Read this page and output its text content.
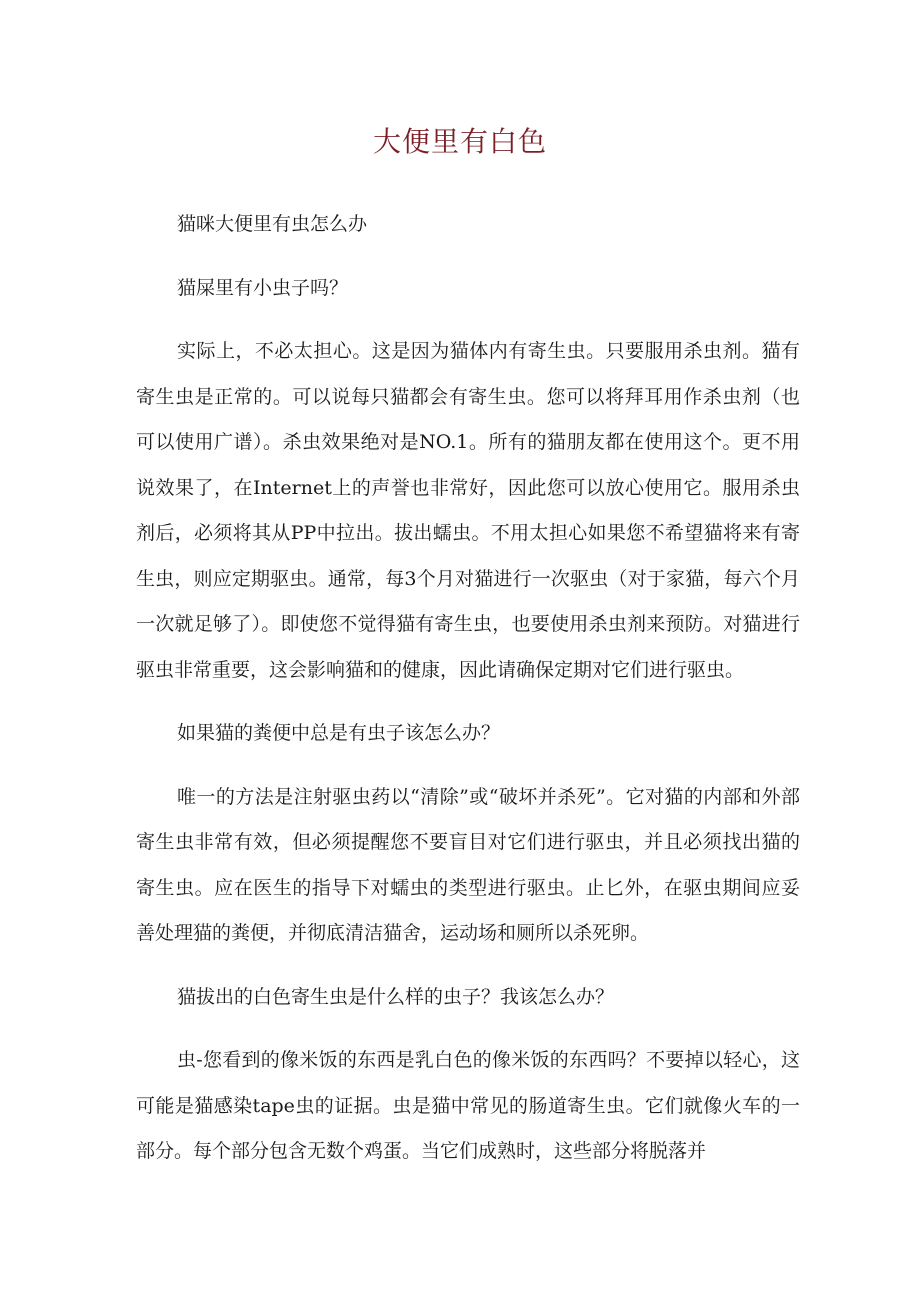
大便里有白色

猫咪大便里有虫怎么办

猫屎里有小虫子吗？

实际上，不必太担心。这是因为猫体内有寄生虫。只要服用杀虫剂。猫有寄生虫是正常的。可以说每只猫都会有寄生虫。您可以将拜耳用作杀虫剂（也可以使用广谱）。杀虫效果绝对是NO.1。所有的猫朋友都在使用这个。更不用说效果了，在Internet上的声誉也非常好，因此您可以放心使用它。服用杀虫剂后，必须将其从PP中拉出。拔出蠕虫。不用太担心如果您不希望猫将来有寄生虫，则应定期驱虫。通常，每3个月对猫进行一次驱虫（对于家猫，每六个月一次就足够了）。即使您不觉得猫有寄生虫，也要使用杀虫剂来预防。对猫进行驱虫非常重要，这会影响猫和的健康，因此请确保定期对它们进行驱虫。

如果猫的粪便中总是有虫子该怎么办？

唯一的方法是注射驱虫药以“清除”或“破坏并杀死”。它对猫的内部和外部寄生虫非常有效，但必须提醒您不要盲目对它们进行驱虫，并且必须找出猫的寄生虫。应在医生的指导下对蠕虫的类型进行驱虫。止匕外，在驱虫期间应妥善处理猫的粪便，并彻底清洁猫舍，运动场和厕所以杀死卵。

猫拔出的白色寄生虫是什么样的虫子？我该怎么办？

虫-您看到的像米饭的东西是乳白色的像米饭的东西吗？不要掉以轻心，这可能是猫感染tape虫的证据。虫是猫中常见的肠道寄生虫。它们就像火车的一部分。每个部分包含无数个鸡蛋。当它们成熟时，这些部分将脱落并
